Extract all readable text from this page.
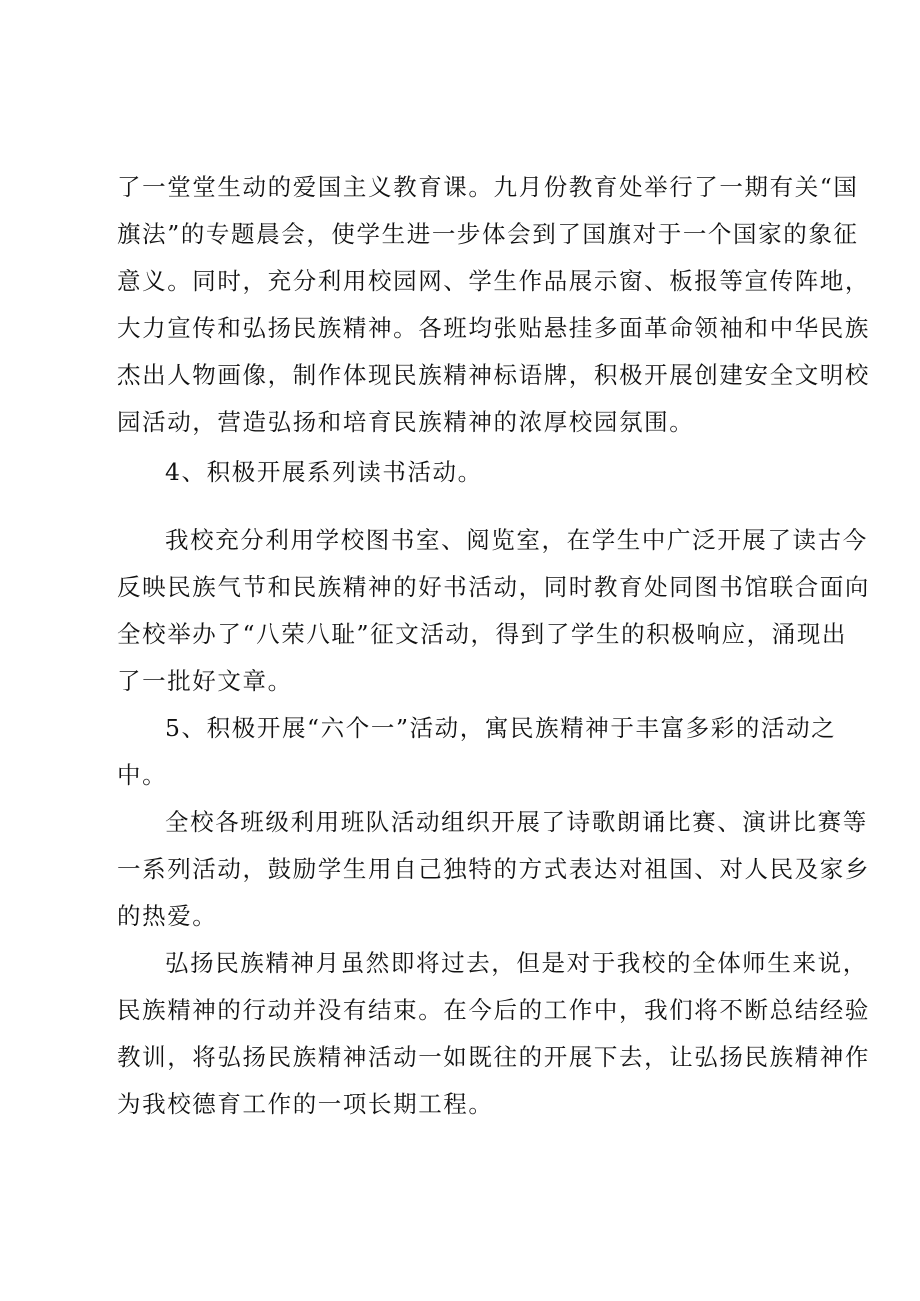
了一堂堂生动的爱国主义教育课。九月份教育处举行了一期有关“国
旗法”的专题晨会，使学生进一步体会到了国旗对于一个国家的象征
意义。同时，充分利用校园网、学生作品展示窗、板报等宣传阵地，
大力宣传和弘扬民族精神。各班均张贴悬挂多面革命领袖和中华民族
杰出人物画像，制作体现民族精神标语牌，积极开展创建安全文明校
园活动，营造弘扬和培育民族精神的浓厚校园氛围。
4、积极开展系列读书活动。
我校充分利用学校图书室、阅览室，在学生中广泛开展了读古今
反映民族气节和民族精神的好书活动，同时教育处同图书馆联合面向
全校举办了“八荣八耻”征文活动，得到了学生的积极响应，涌现出
了一批好文章。
5、积极开展“六个一”活动，寓民族精神于丰富多彩的活动之
中。
全校各班级利用班队活动组织开展了诗歌朗诵比赛、演讲比赛等
一系列活动，鼓励学生用自己独特的方式表达对祖国、对人民及家乡
的热爱。
弘扬民族精神月虽然即将过去，但是对于我校的全体师生来说，
民族精神的行动并没有结束。在今后的工作中，我们将不断总结经验
教训，将弘扬民族精神活动一如既往的开展下去，让弘扬民族精神作
为我校德育工作的一项长期工程。
